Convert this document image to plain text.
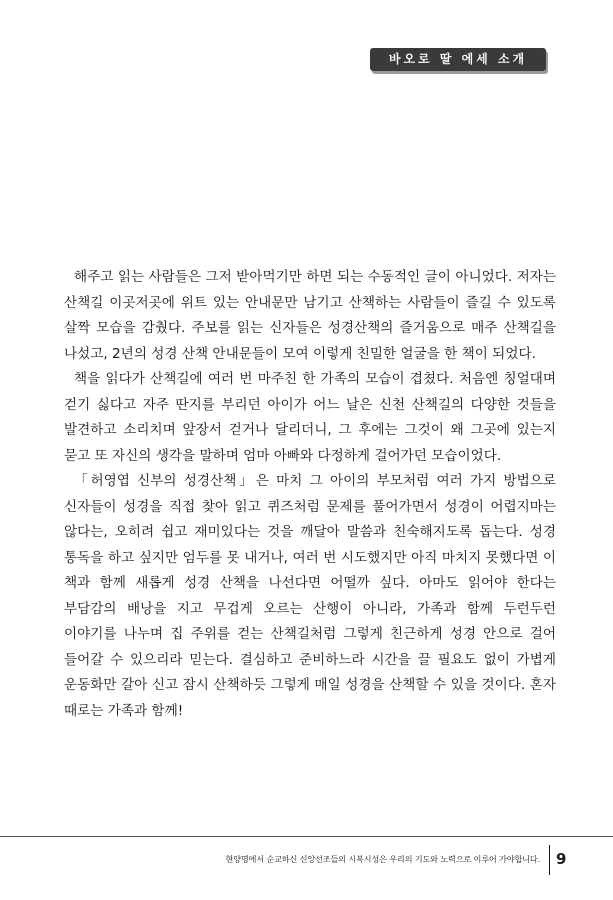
바오로 딸 에세 소개

해주고 읽는 사람들은 그저 받아먹기만 하면 되는 수동적인 글이 아니었다. 저자는 산책길 이곳저곳에 위트 있는 안내문만 남기고 산책하는 사람들이 즐길 수 있도록 살짝 모습을 감췄다. 주보를 읽는 신자들은 성경산책의 즐거움으로 매주 산책길을 나섰고, 2년의 성경 산책 안내문들이 모여 이렇게 친밀한 얼굴을 한 책이 되었다.

책을 읽다가 산책길에 여러 번 마주친 한 가족의 모습이 겹쳤다. 처음엔 칭얼대며 걷기 싫다고 자주 딴지를 부리던 아이가 어느 날은 신천 산책길의 다양한 것들을 발견하고 소리치며 앞장서 걷거나 달리더니, 그 후에는 그것이 왜 그곳에 있는지 묻고 또 자신의 생각을 말하며 엄마 아빠와 다정하게 걸어가던 모습이었다.

「허영엽 신부의 성경산책」은 마치 그 아이의 부모처럼 여러 가지 방법으로 신자들이 성경을 직접 찾아 읽고 퀴즈처럼 문제를 풀어가면서 성경이 어렵지마는 않다는, 오히려 쉽고 재미있다는 것을 깨달아 말씀과 친숙해지도록 돕는다. 성경 통독을 하고 싶지만 엄두를 못 내거나, 여러 번 시도했지만 아직 마치지 못했다면 이 책과 함께 새롭게 성경 산책을 나선다면 어떨까 싶다. 아마도 읽어야 한다는 부담감의 배낭을 지고 무겁게 오르는 산행이 아니라, 가족과 함께 두런두런 이야기를 나누며 집 주위를 걷는 산책길처럼 그렇게 친근하게 성경 안으로 걸어 들어갈 수 있으리라 믿는다. 결심하고 준비하느라 시간을 끌 필요도 없이 가볍게 운동화만 갈아 신고 잠시 산책하듯 그렇게 매일 성경을 산책할 수 있을 것이다. 혼자 때로는 가족과 함께!

현양명에서 순교하신 신앙선조들의 시복시성은 우리의 기도와 노력으로 이루어 가야합니다. 9
